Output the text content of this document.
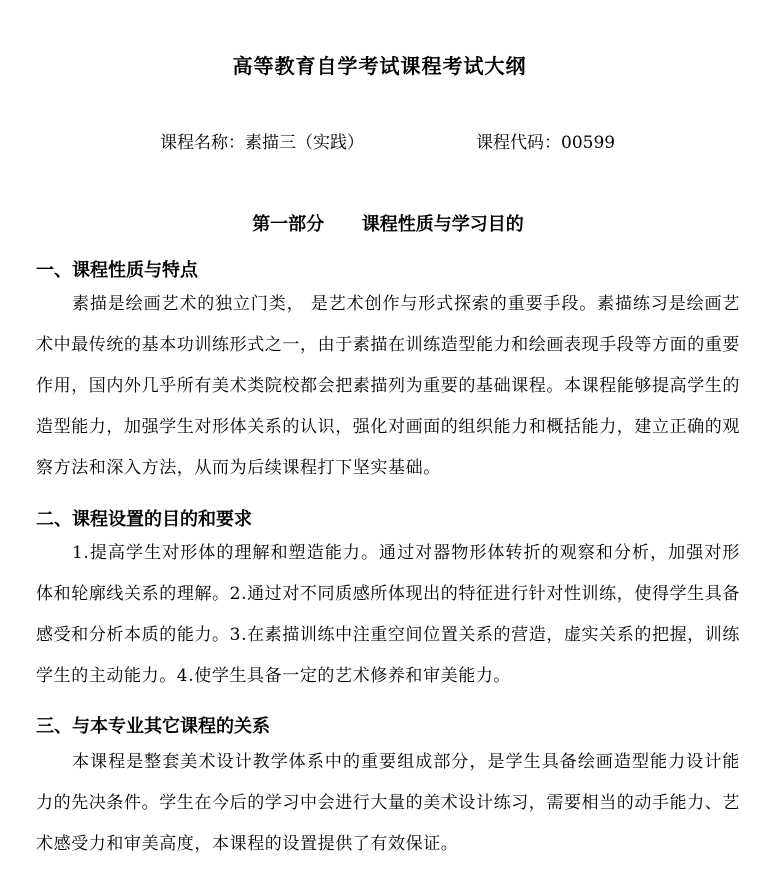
高等教育自学考试课程考试大纲
课程名称：素描三（实践）	课程代码：00599
第一部分      课程性质与学习目的
一、课程性质与特点
素描是绘画艺术的独立门类， 是艺术创作与形式探索的重要手段。素描练习是绘画艺术中最传统的基本功训练形式之一，由于素描在训练造型能力和绘画表现手段等方面的重要作用，国内外几乎所有美术类院校都会把素描列为重要的基础课程。本课程能够提高学生的造型能力，加强学生对形体关系的认识，强化对画面的组织能力和概括能力，建立正确的观察方法和深入方法，从而为后续课程打下坚实基础。
二、课程设置的目的和要求
1.提高学生对形体的理解和塑造能力。通过对器物形体转折的观察和分析，加强对形体和轮廓线关系的理解。2.通过对不同质感所体现出的特征进行针对性训练，使得学生具备感受和分析本质的能力。3.在素描训练中注重空间位置关系的营造，虚实关系的把握，训练学生的主动能力。4.使学生具备一定的艺术修养和审美能力。
三、与本专业其它课程的关系
本课程是整套美术设计教学体系中的重要组成部分，是学生具备绘画造型能力设计能力的先决条件。学生在今后的学习中会进行大量的美术设计练习，需要相当的动手能力、艺术感受力和审美高度，本课程的设置提供了有效保证。
